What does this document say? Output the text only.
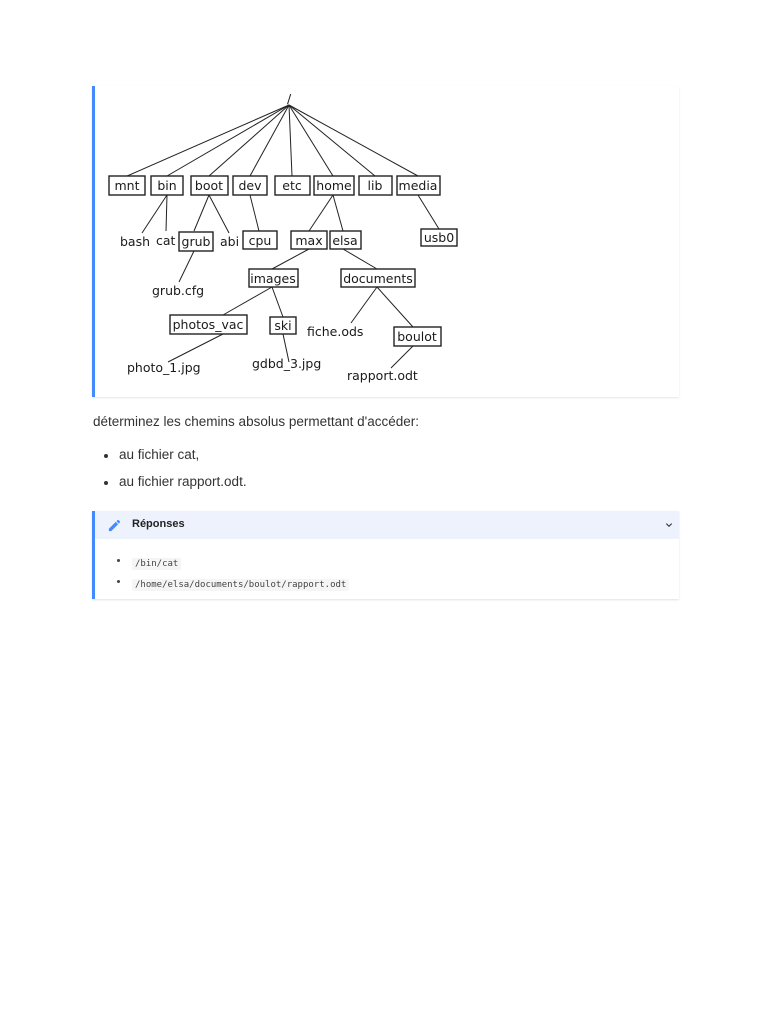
/
mnt bin boot dev etc home lib media
bash cat grub abi cpu max elsa	usb0
grub.cfg
images	documents
photos_vac ski fiche.ods	boulot
photo_1.jpg	gdbd_3.jpg
rapport.odt
déterminez les chemins absolus permettant d'accéder:
au fichier cat,
au fichier rapport.odt.
Réponses
/bin/cat
/home/elsa/documents/boulot/rapport.odt
